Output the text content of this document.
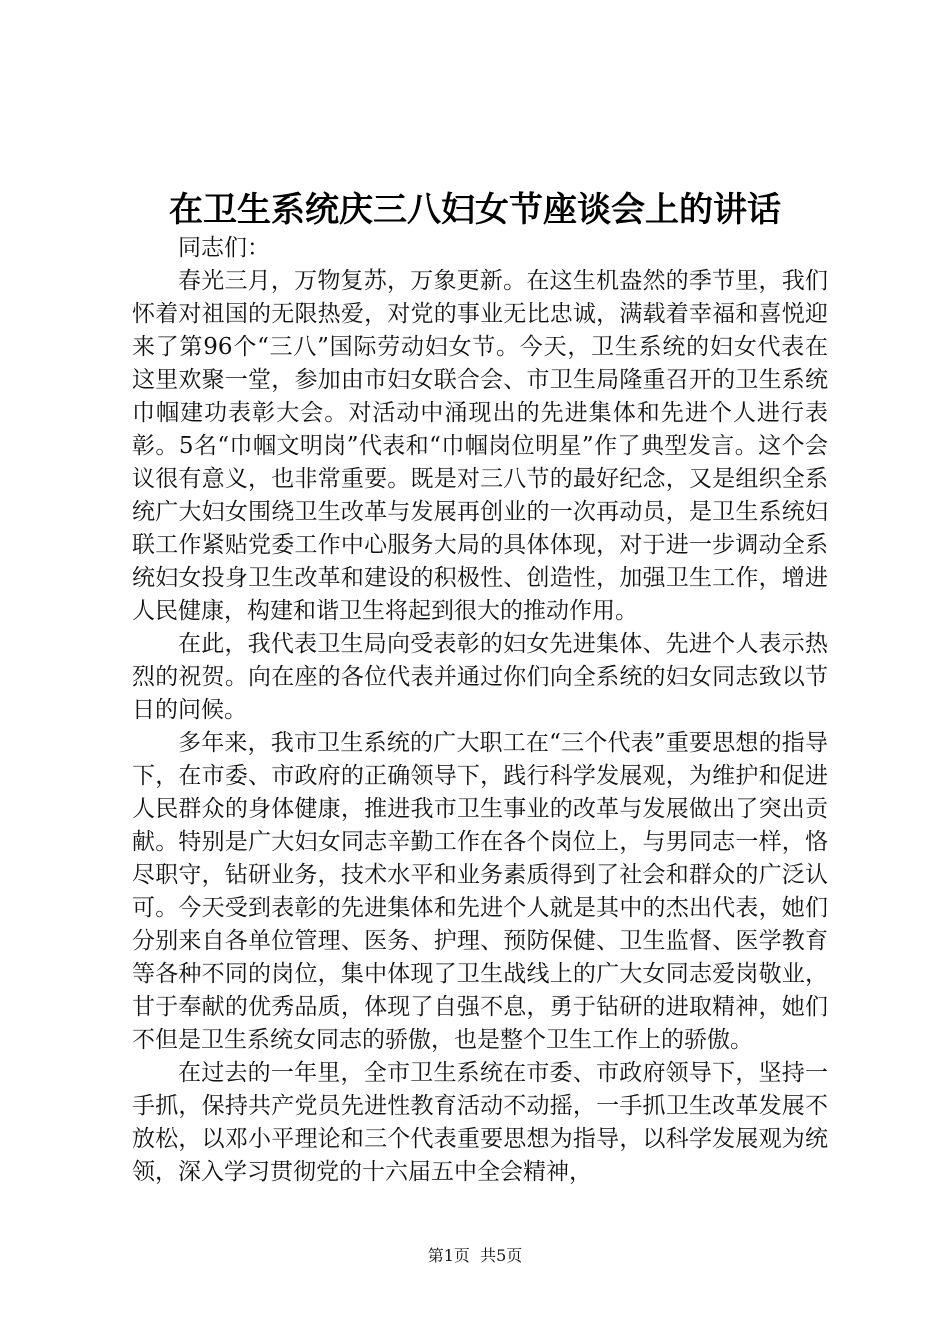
在卫生系统庆三八妇女节座谈会上的讲话

同志们：

春光三月，万物复苏，万象更新。在这生机盎然的季节里，我们怀着对祖国的无限热爱，对党的事业无比忠诚，满载着幸福和喜悦迎来了第96个“三八”国际劳动妇女节。今天，卫生系统的妇女代表在这里欢聚一堂，参加由市妇女联合会、市卫生局隆重召开的卫生系统巾帼建功表彰大会。对活动中涌现出的先进集体和先进个人进行表彰。5名“巾帼文明岗”代表和“巾帼岗位明星”作了典型发言。这个会议很有意义，也非常重要。既是对三八节的最好纪念，又是组织全系统广大妇女围绕卫生改革与发展再创业的一次再动员，是卫生系统妇联工作紧贴党委工作中心服务大局的具体体现，对于进一步调动全系统妇女投身卫生改革和建设的积极性、创造性，加强卫生工作，增进人民健康，构建和谐卫生将起到很大的推动作用。

在此，我代表卫生局向受表彰的妇女先进集体、先进个人表示热烈的祝贺。向在座的各位代表并通过你们向全系统的妇女同志致以节日的问候。

多年来，我市卫生系统的广大职工在“三个代表”重要思想的指导下，在市委、市政府的正确领导下，践行科学发展观，为维护和促进人民群众的身体健康，推进我市卫生事业的改革与发展做出了突出贡献。特别是广大妇女同志辛勤工作在各个岗位上，与男同志一样，恪尽职守，钻研业务，技术水平和业务素质得到了社会和群众的广泛认可。今天受到表彰的先进集体和先进个人就是其中的杰出代表，她们分别来自各单位管理、医务、护理、预防保健、卫生监督、医学教育等各种不同的岗位，集中体现了卫生战线上的广大女同志爱岗敬业，甘于奉献的优秀品质，体现了自强不息，勇于钻研的进取精神，她们不但是卫生系统女同志的骄傲，也是整个卫生工作上的骄傲。

在过去的一年里，全市卫生系统在市委、市政府领导下，坚持一手抓，保持共产党员先进性教育活动不动摇，一手抓卫生改革发展不放松，以邓小平理论和三个代表重要思想为指导，以科学发展观为统领，深入学习贯彻党的十六届五中全会精神，

第1页  共5页
